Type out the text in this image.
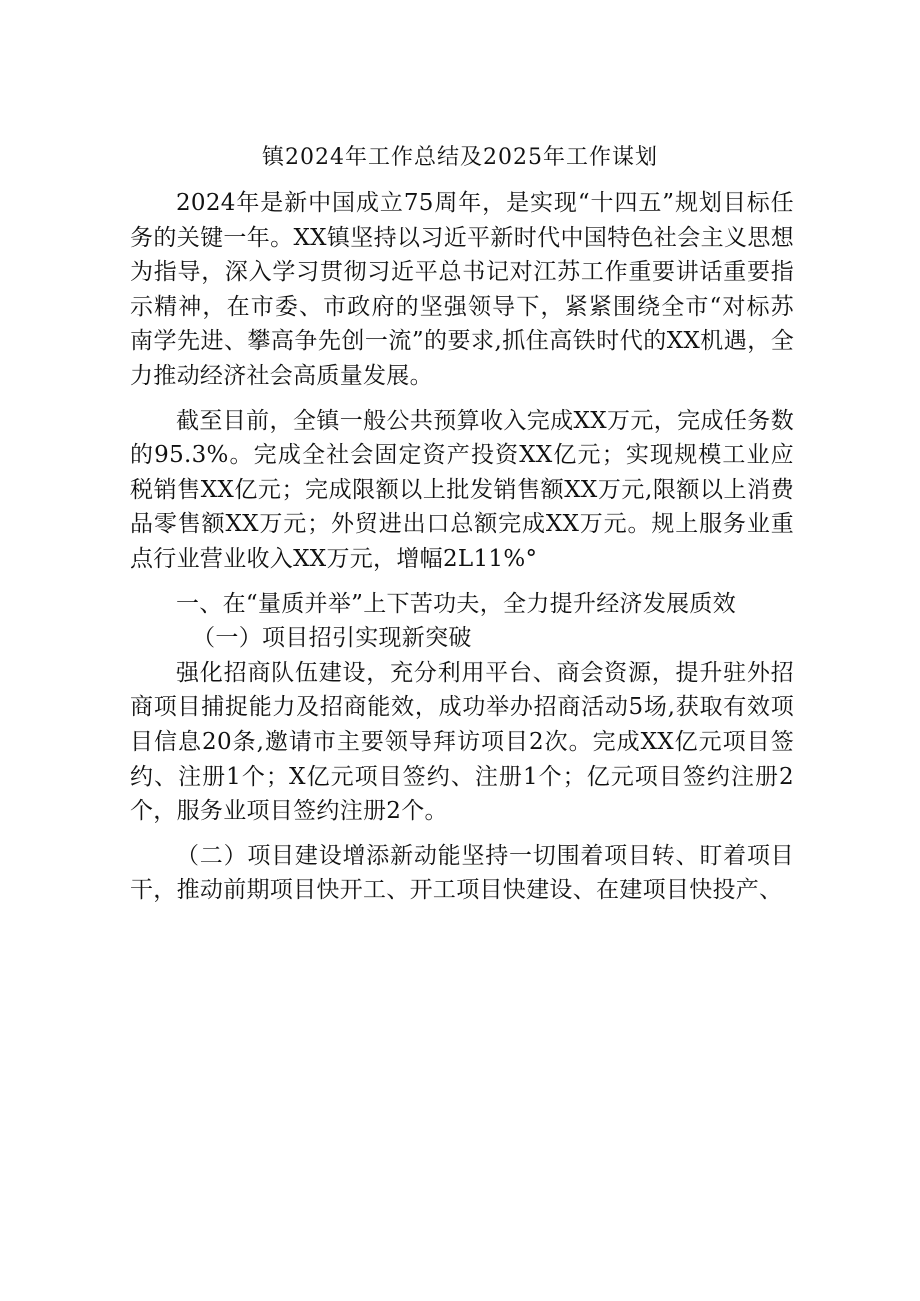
镇2024年工作总结及2025年工作谋划

2024年是新中国成立75周年，是实现“十四五”规划目标任务的关键一年。XX镇坚持以习近平新时代中国特色社会主义思想为指导，深入学习贯彻习近平总书记对江苏工作重要讲话重要指示精神，在市委、市政府的坚强领导下，紧紧围绕全市“对标苏南学先进、攀高争先创一流”的要求,抓住高铁时代的XX机遇，全力推动经济社会高质量发展。

截至目前，全镇一般公共预算收入完成XX万元，完成任务数的95.3%。完成全社会固定资产投资XX亿元；实现规模工业应税销售XX亿元；完成限额以上批发销售额XX万元,限额以上消费品零售额XX万元；外贸进出口总额完成XX万元。规上服务业重点行业营业收入XX万元，增幅2L11%°

一、在“量质并举”上下苦功夫，全力提升经济发展质效

（一）项目招引实现新突破

强化招商队伍建设，充分利用平台、商会资源，提升驻外招商项目捕捉能力及招商能效，成功举办招商活动5场,获取有效项目信息20条,邀请市主要领导拜访项目2次。完成XX亿元项目签约、注册1个；X亿元项目签约、注册1个；亿元项目签约注册2个，服务业项目签约注册2个。

（二）项目建设增添新动能坚持一切围着项目转、盯着项目干，推动前期项目快开工、开工项目快建设、在建项目快投产、
